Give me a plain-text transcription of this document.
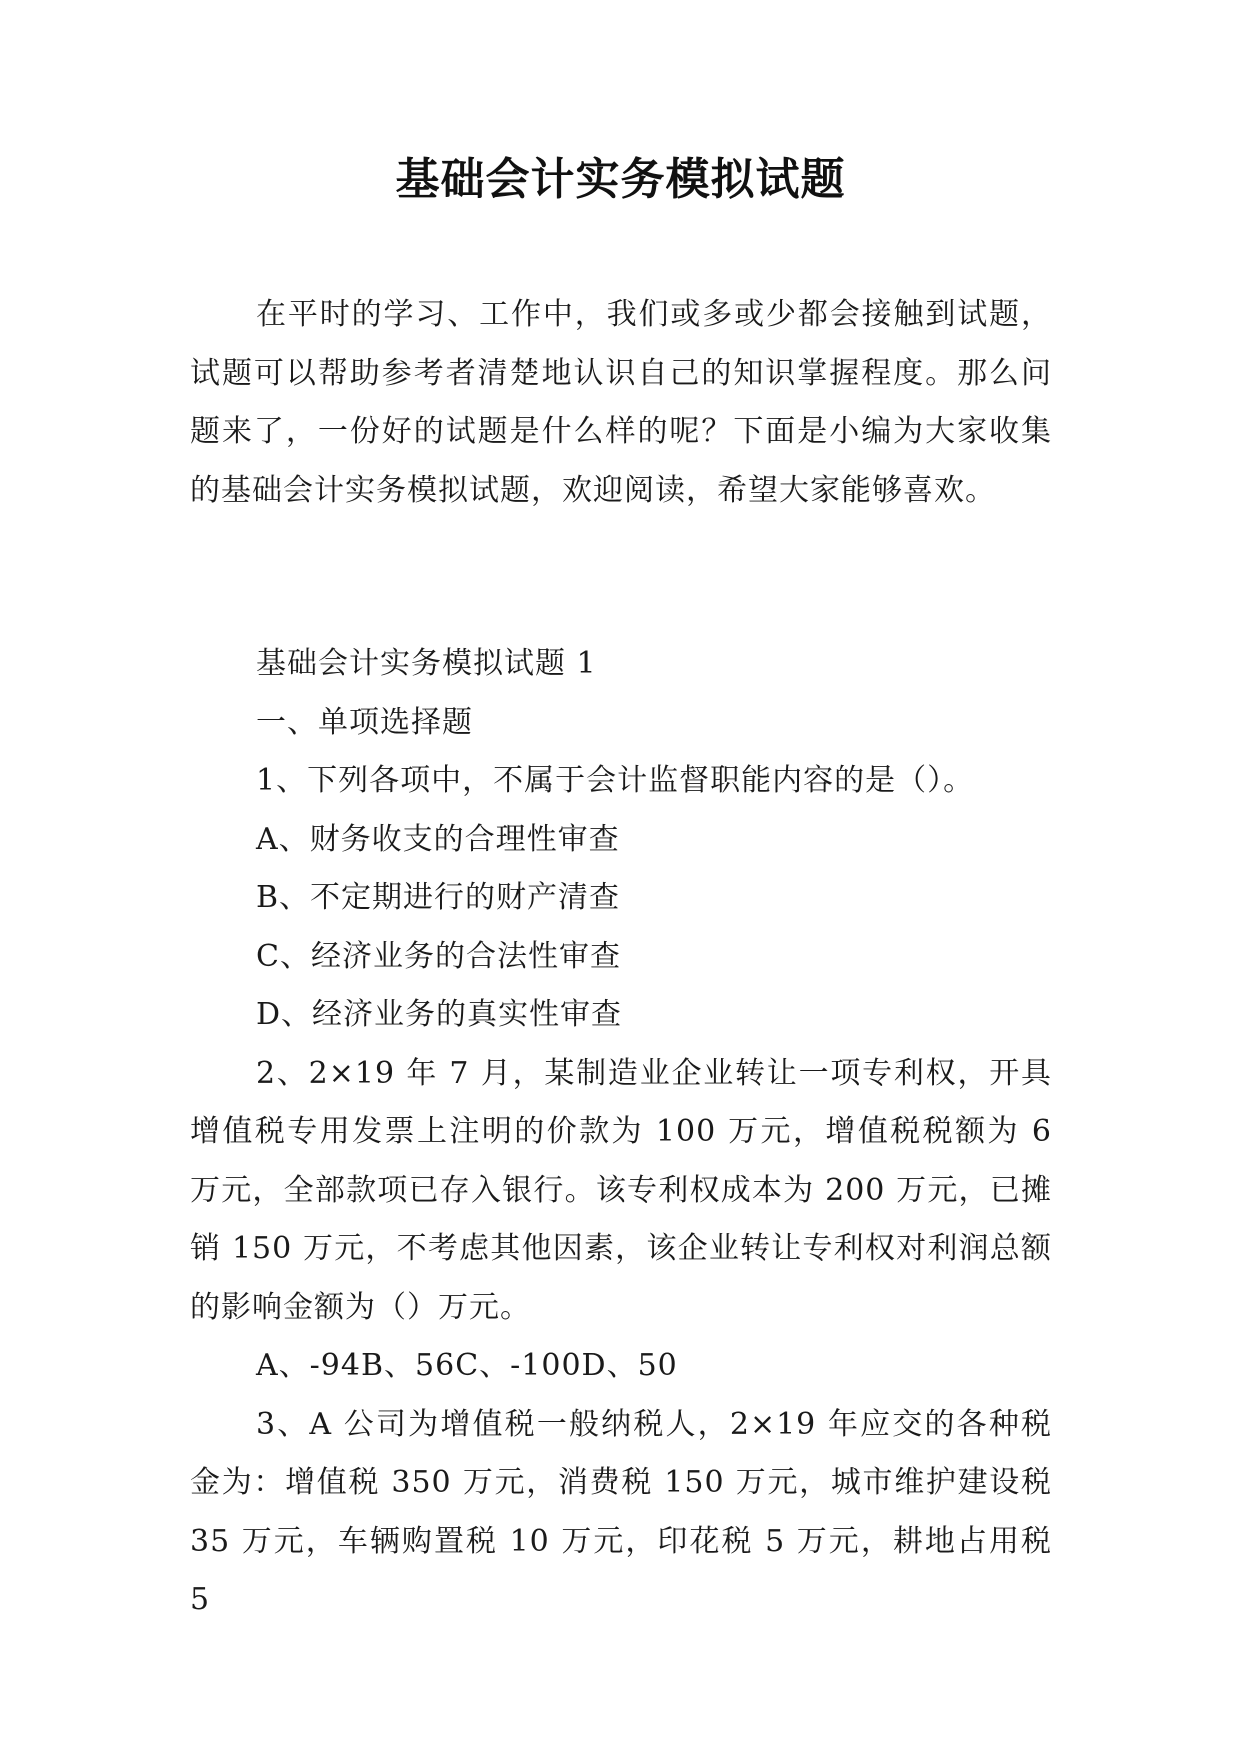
基础会计实务模拟试题

在平时的学习、工作中，我们或多或少都会接触到试题，试题可以帮助参考者清楚地认识自己的知识掌握程度。那么问题来了，一份好的试题是什么样的呢？下面是小编为大家收集的基础会计实务模拟试题，欢迎阅读，希望大家能够喜欢。

基础会计实务模拟试题 1

一、单项选择题

1、下列各项中，不属于会计监督职能内容的是（）。

A、财务收支的合理性审查

B、不定期进行的财产清查

C、经济业务的合法性审查

D、经济业务的真实性审查

2、2×19 年 7 月，某制造业企业转让一项专利权，开具增值税专用发票上注明的价款为 100 万元，增值税税额为 6 万元，全部款项已存入银行。该专利权成本为 200 万元，已摊销 150 万元，不考虑其他因素，该企业转让专利权对利润总额的影响金额为（）万元。

A、-94B、56C、-100D、50

3、A 公司为增值税一般纳税人，2×19 年应交的各种税金为：增值税 350 万元，消费税 150 万元，城市维护建设税 35 万元，车辆购置税 10 万元，印花税 5 万元，耕地占用税 5
